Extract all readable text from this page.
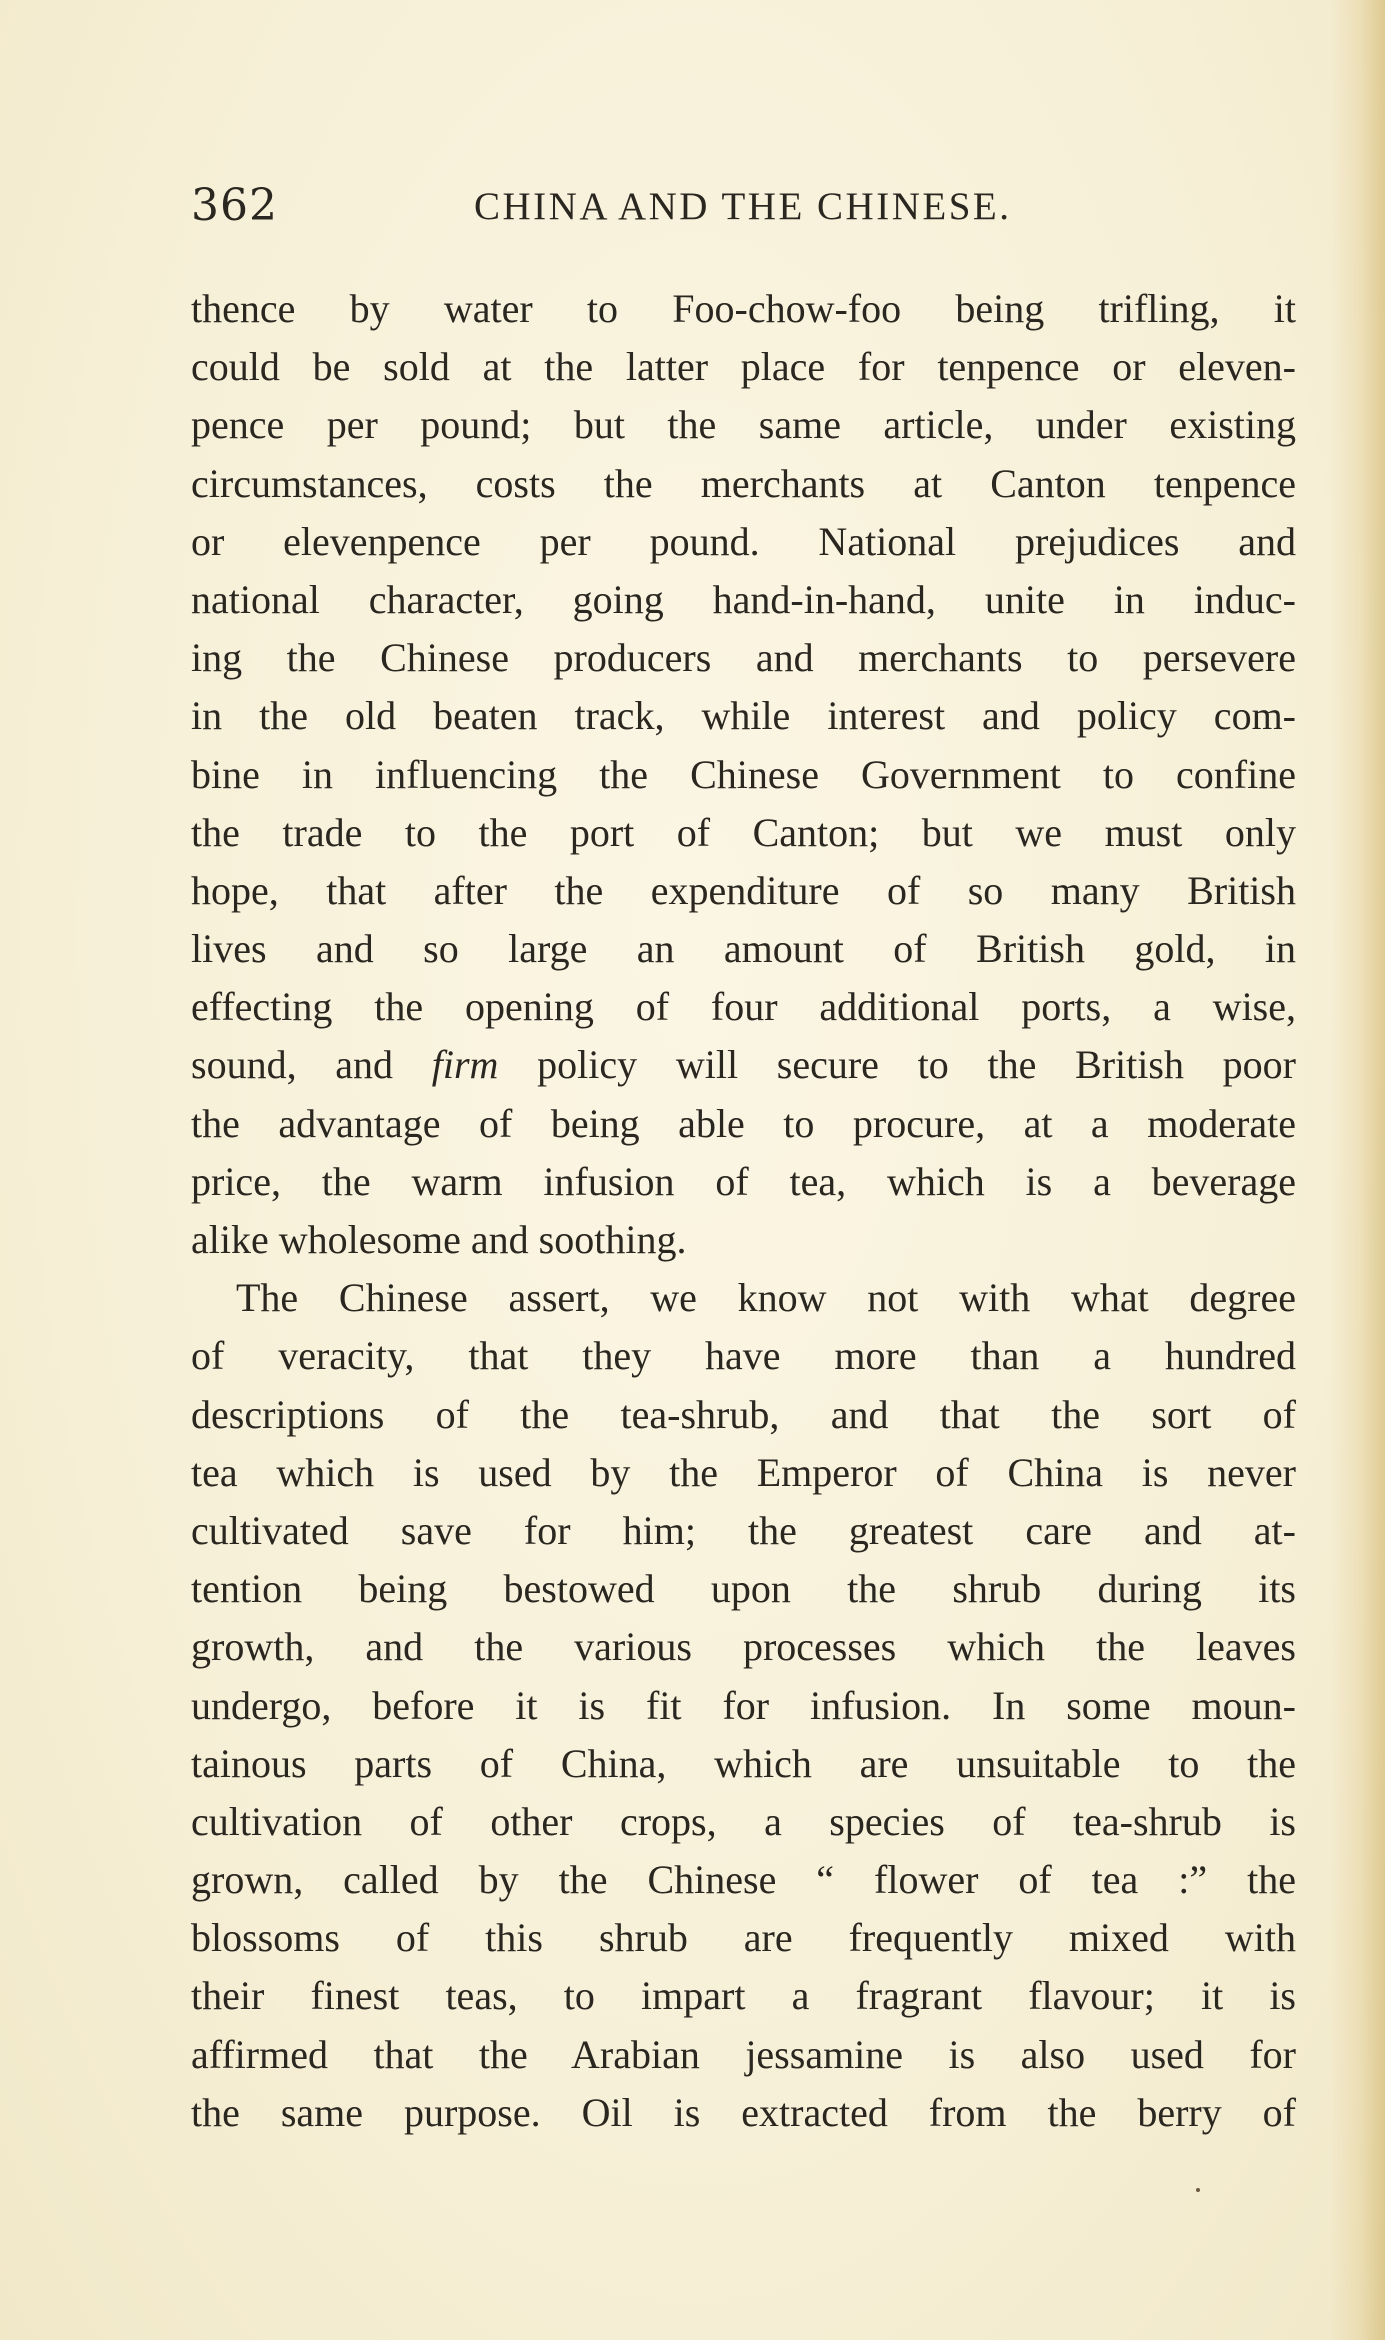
362	CHINA AND THE CHINESE.
thence by water to Foo-chow-foo being trifling, it
could be sold at the latter place for tenpence or eleven-
pence per pound; but the same article, under existing
circumstances, costs the merchants at Canton tenpence
or elevenpence per pound. National prejudices and
national character, going hand-in-hand, unite in induc-
ing the Chinese producers and merchants to persevere
in the old beaten track, while interest and policy com-
bine in influencing the Chinese Government to confine
the trade to the port of Canton; but we must only
hope, that after the expenditure of so many British
lives and so large an amount of British gold, in
effecting the opening of four additional ports, a wise,
sound, and firm policy will secure to the British poor
the advantage of being able to procure, at a moderate
price, the warm infusion of tea, which is a beverage
alike wholesome and soothing.
The Chinese assert, we know not with what degree
of veracity, that they have more than a hundred
descriptions of the tea-shrub, and that the sort of
tea which is used by the Emperor of China is never
cultivated save for him; the greatest care and at-
tention being bestowed upon the shrub during its
growth, and the various processes which the leaves
undergo, before it is fit for infusion. In some moun-
tainous parts of China, which are unsuitable to the
cultivation of other crops, a species of tea-shrub is
grown, called by the Chinese “ flower of tea :” the
blossoms of this shrub are frequently mixed with
their finest teas, to impart a fragrant flavour; it is
affirmed that the Arabian jessamine is also used for
the same purpose. Oil is extracted from the berry of
